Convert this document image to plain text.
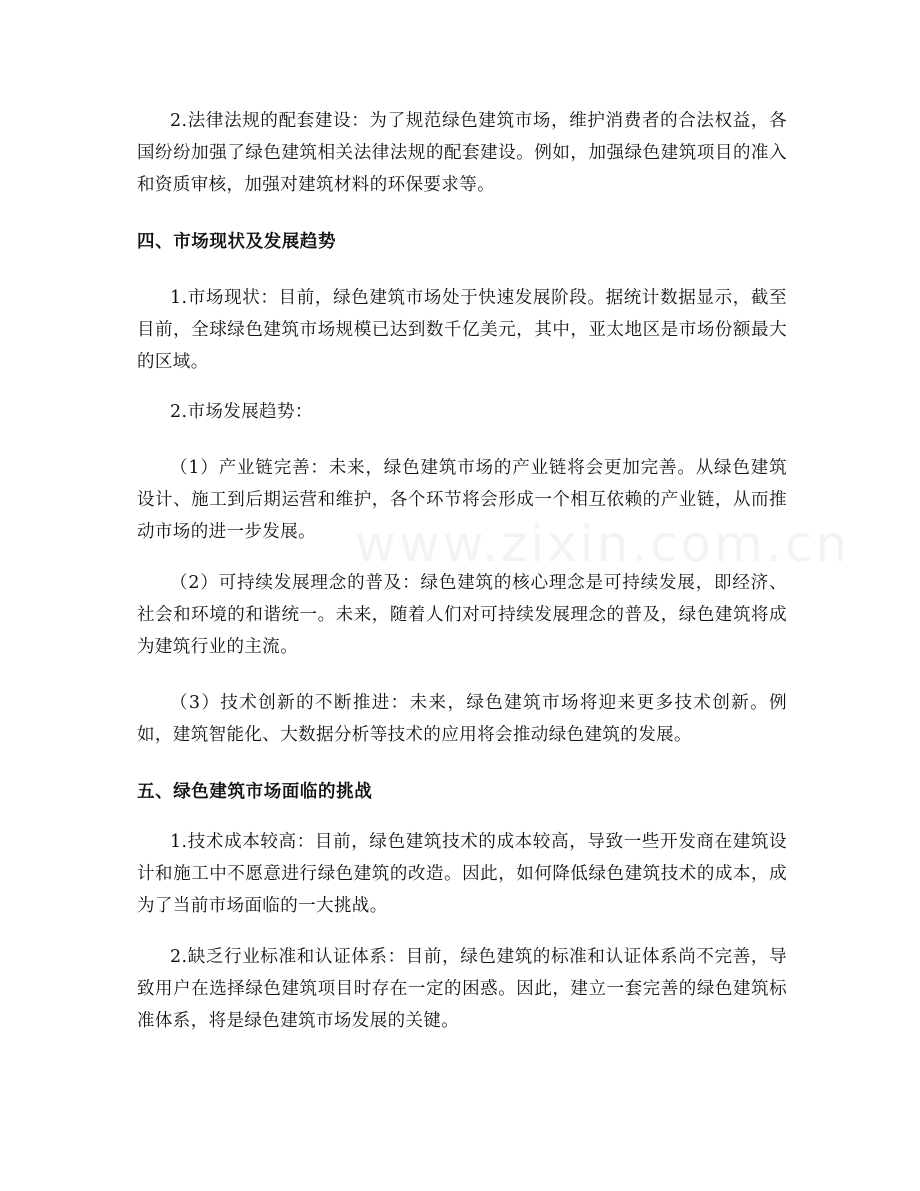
www.zixin.com.cn

2.法律法规的配套建设：为了规范绿色建筑市场，维护消费者的合法权益，各国纷纷加强了绿色建筑相关法律法规的配套建设。例如，加强绿色建筑项目的准入和资质审核，加强对建筑材料的环保要求等。

四、市场现状及发展趋势

1.市场现状：目前，绿色建筑市场处于快速发展阶段。据统计数据显示，截至目前，全球绿色建筑市场规模已达到数千亿美元，其中，亚太地区是市场份额最大的区域。

2.市场发展趋势：

（1）产业链完善：未来，绿色建筑市场的产业链将会更加完善。从绿色建筑设计、施工到后期运营和维护，各个环节将会形成一个相互依赖的产业链，从而推动市场的进一步发展。

（2）可持续发展理念的普及：绿色建筑的核心理念是可持续发展，即经济、社会和环境的和谐统一。未来，随着人们对可持续发展理念的普及，绿色建筑将成为建筑行业的主流。

（3）技术创新的不断推进：未来，绿色建筑市场将迎来更多技术创新。例如，建筑智能化、大数据分析等技术的应用将会推动绿色建筑的发展。

五、绿色建筑市场面临的挑战

1.技术成本较高：目前，绿色建筑技术的成本较高，导致一些开发商在建筑设计和施工中不愿意进行绿色建筑的改造。因此，如何降低绿色建筑技术的成本，成为了当前市场面临的一大挑战。

2.缺乏行业标准和认证体系：目前，绿色建筑的标准和认证体系尚不完善，导致用户在选择绿色建筑项目时存在一定的困惑。因此，建立一套完善的绿色建筑标准体系，将是绿色建筑市场发展的关键。
